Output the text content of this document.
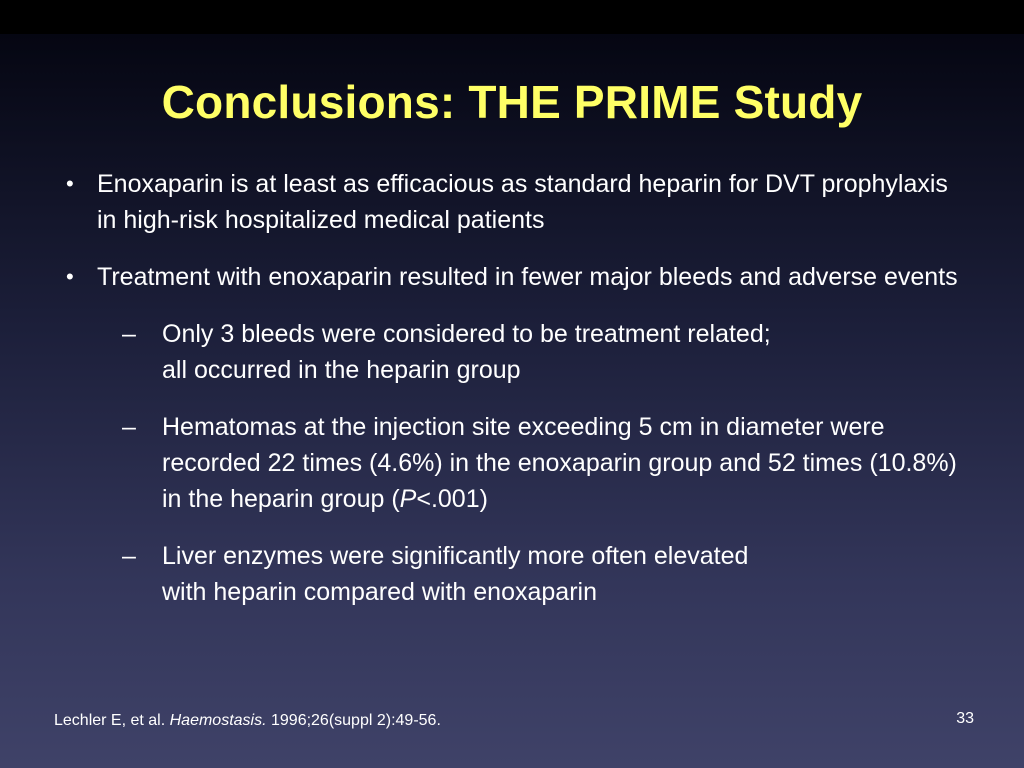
Conclusions: THE PRIME Study
• Enoxaparin is at least as efficacious as standard heparin for DVT prophylaxis in high-risk hospitalized medical patients
• Treatment with enoxaparin resulted in fewer major bleeds and adverse events
– Only 3 bleeds were considered to be treatment related;
all occurred in the heparin group
– Hematomas at the injection site exceeding 5 cm in diameter were recorded 22 times (4.6%) in the enoxaparin group and 52 times (10.8%) in the heparin group (P<.001)
– Liver enzymes were significantly more often elevated
with heparin compared with enoxaparin
Lechler E, et al. Haemostasis. 1996;26(suppl 2):49-56.	33
